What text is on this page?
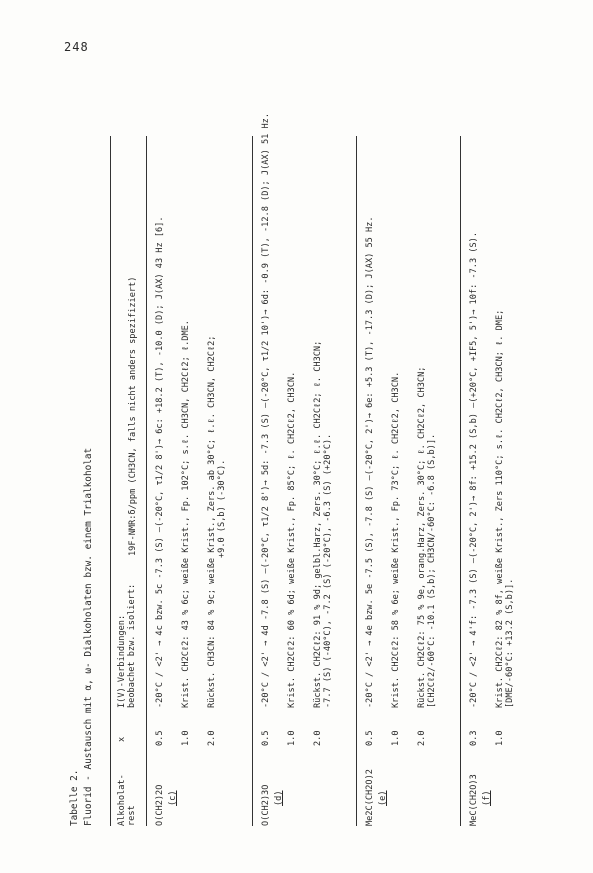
248
Tabelle 2. Fluorid - Austausch mit α, ω- Dialkoholaten bzw. einem Trialkoholat	Alkoholat- rest
x
I(V)-Verbindungen: beobachet bzw. isoliert:
19F-NMR:δ/ppm (CH3CN, falls nicht anders spezifiziert)
O(CH2)2O (c)
0.5
-20°C / <2' → 4c bzw. 5c -7.3 (S) —(-20°C, τ1/2 8')→ 6c: +18.2 (T), -10.0 (D); J(AX) 43 Hz [6].
1.0
Krist. CH2Cℓ2: 43 % 6c; weiße Krist., Fp. 102°C; s.ℓ. CH3CN, CH2Cℓ2; ℓ.DME.
2.0
Rückst. CH3CN: 84 % 9c; weiße Krist., Zers. ab 30°C; ℓ.ℓ. CH3CN, CH2Cℓ2; +9.0 (S,b) (-30°C).
O(CH2)3O (d)
0.5
-20°C / <2' → 4d -7.8 (S) —(-20°C, τ1/2 8')→ 5d: -7.3 (S) —(-20°C, τ1/2 10')→ 6d: -0.9 (T), -12.8 (D); J(AX) 51 Hz.
1.0
Krist. CH2Cℓ2: 60 % 6d; weiße Krist., Fp. 85°C; ℓ. CH2Cℓ2, CH3CN.
2.0
Rückst. CH2Cℓ2: 91 % 9d; gelbl.Harz, Zers. 30°C; ℓ.ℓ. CH2Cℓ2; ℓ. CH3CN; -7.7 (S) (-40°C), -7.2 (S) (-20°C), -6.3 (S) (+20°C).
Me2C(CH2O)2 (e)
0.5
-20°C / <2' → 4e bzw. 5e -7.5 (S), -7.8 (S) —(-20°C, 2')→ 6e: +5.3 (T), -17.3 (D); J(AX) 55 Hz.
1.0
Krist. CH2Cℓ2: 58 % 6e; weiße Krist., Fp. 73°C; ℓ. CH2Cℓ2, CH3CN.
2.0
Rückst. CH2Cℓ2: 75 % 9e, orang.Harz, Zers. 30°C; ℓ. CH2Cℓ2, CH3CN; [CH2Cℓ2/-60°C: -10.1 (S,b); CH3CN/-60°C: -6.8 (S,b)].
MeC(CH2O)3 (f)
0.3
-20°C / <2' → 4'f: -7.3 (S) —(-20°C, 2')→ 8f: +15.2 (S,b) —(+20°C, +IF5, 5')→ 10f: -7.3 (S).
1.0
Krist. CH2Cℓ2: 82 % 8f, weiße Krist., Zers 110°C; s.ℓ. CH2Cℓ2, CH3CN; ℓ. DME; [DME/-60°C: +13.2 (S,b)].
